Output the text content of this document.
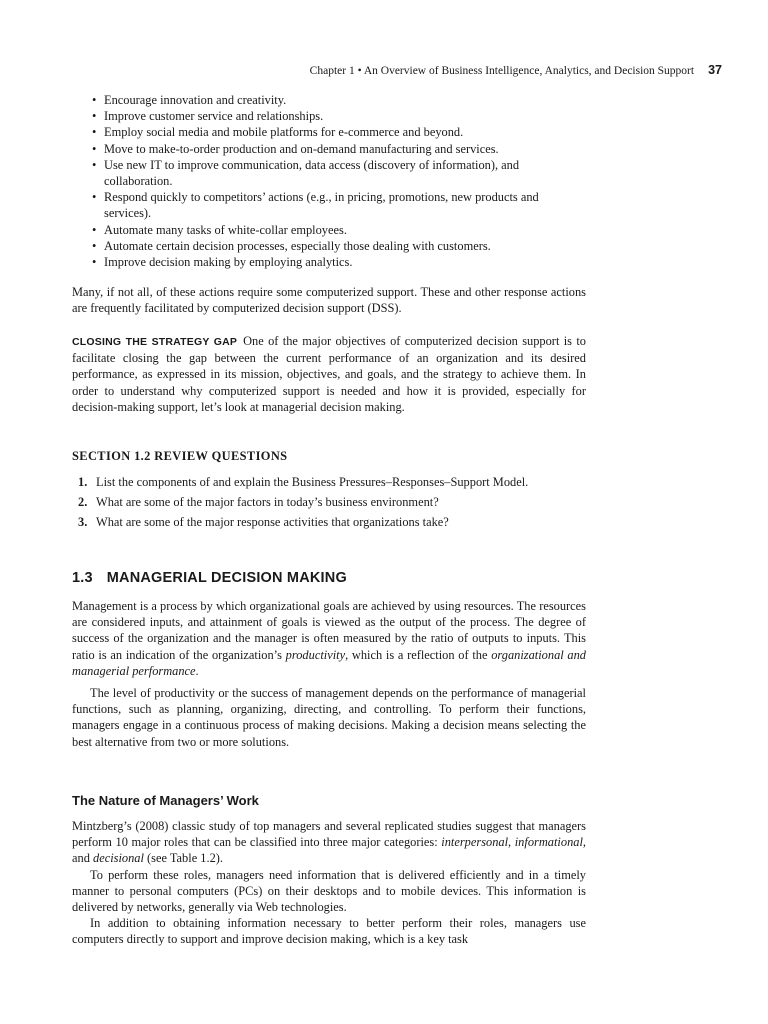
Chapter 1 • An Overview of Business Intelligence, Analytics, and Decision Support 37
• Encourage innovation and creativity.
• Improve customer service and relationships.
• Employ social media and mobile platforms for e-commerce and beyond.
• Move to make-to-order production and on-demand manufacturing and services.
• Use new IT to improve communication, data access (discovery of information), and collaboration.
• Respond quickly to competitors’ actions (e.g., in pricing, promotions, new products and services).
• Automate many tasks of white-collar employees.
• Automate certain decision processes, especially those dealing with customers.
• Improve decision making by employing analytics.

Many, if not all, of these actions require some computerized support. These and other response actions are frequently facilitated by computerized decision support (DSS).

CLOSING THE STRATEGY GAP One of the major objectives of computerized decision support is to facilitate closing the gap between the current performance of an organization and its desired performance, as expressed in its mission, objectives, and goals, and the strategy to achieve them. In order to understand why computerized support is needed and how it is provided, especially for decision-making support, let’s look at managerial decision making.

SECTION 1.2 REVIEW QUESTIONS
1. List the components of and explain the Business Pressures–Responses–Support Model.
2. What are some of the major factors in today’s business environment?
3. What are some of the major response activities that organizations take?
1.3 MANAGERIAL DECISION MAKING

Management is a process by which organizational goals are achieved by using resources. The resources are considered inputs, and attainment of goals is viewed as the output of the process. The degree of success of the organization and the manager is often measured by the ratio of outputs to inputs. This ratio is an indication of the organization’s productivity, which is a reflection of the organizational and managerial performance.

The level of productivity or the success of management depends on the performance of managerial functions, such as planning, organizing, directing, and controlling. To perform their functions, managers engage in a continuous process of making decisions. Making a decision means selecting the best alternative from two or more solutions.

The Nature of Managers’ Work

Mintzberg’s (2008) classic study of top managers and several replicated studies suggest that managers perform 10 major roles that can be classified into three major categories: interpersonal, informational, and decisional (see Table 1.2).

To perform these roles, managers need information that is delivered efficiently and in a timely manner to personal computers (PCs) on their desktops and to mobile devices. This information is delivered by networks, generally via Web technologies.

In addition to obtaining information necessary to better perform their roles, managers use computers directly to support and improve decision making, which is a key task
